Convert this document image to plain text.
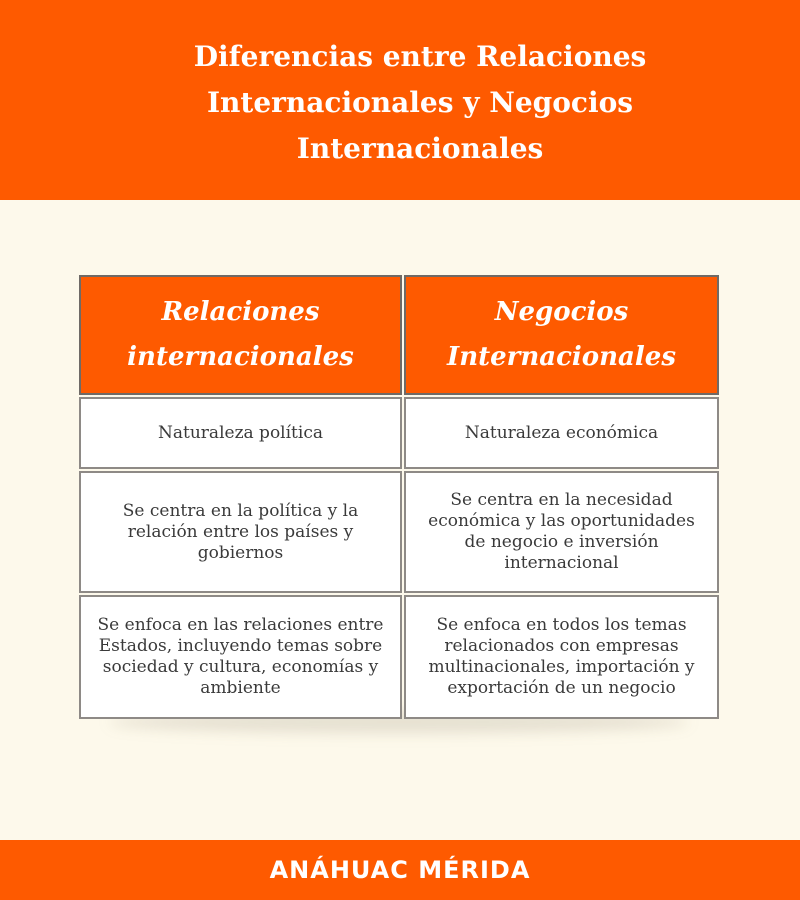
Diferencias entre Relaciones Internacionales y Negocios Internacionales
Relaciones internacionales
Negocios Internacionales
Naturaleza política	Naturaleza económica
Se centra en la política y la relación entre los países y gobiernos
Se centra en la necesidad económica y las oportunidades de negocio e inversión internacional
Se enfoca en las relaciones entre Estados, incluyendo temas sobre sociedad y cultura, economías y ambiente
Se enfoca en todos los temas relacionados con empresas multinacionales, importación y exportación de un negocio
ANÁHUAC MÉRIDA
